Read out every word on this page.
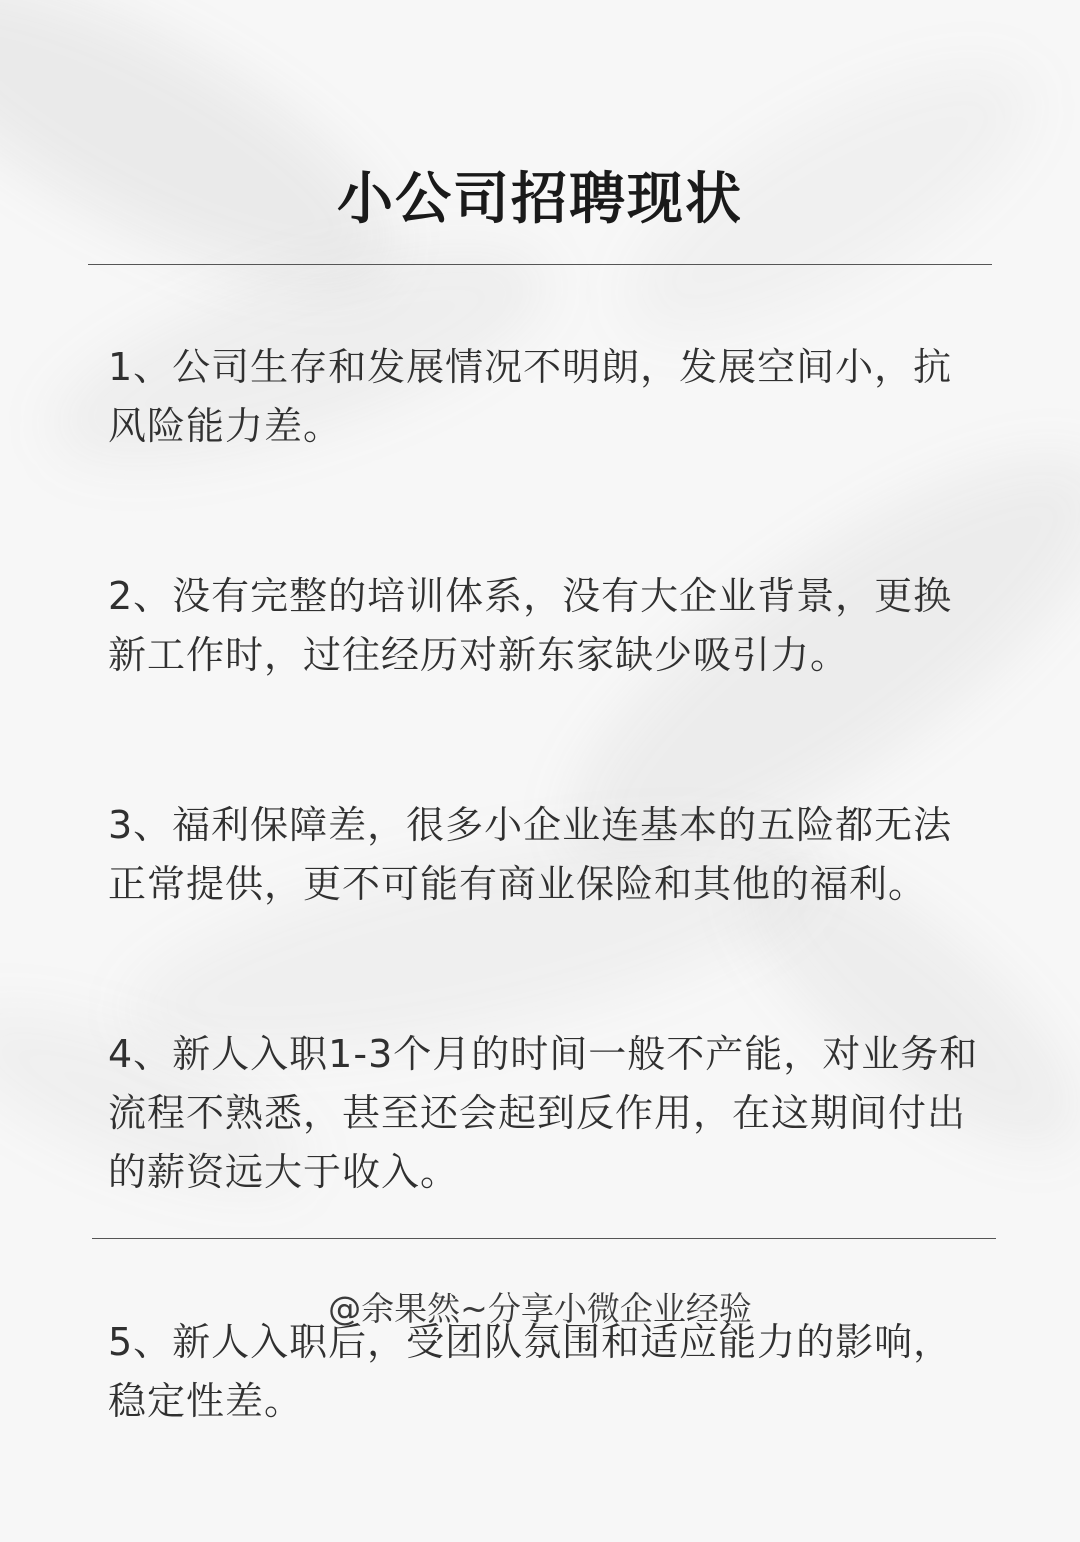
小公司招聘现状

1、公司生存和发展情况不明朗，发展空间小，抗风险能力差。

2、没有完整的培训体系，没有大企业背景，更换新工作时，过往经历对新东家缺少吸引力。

3、福利保障差，很多小企业连基本的五险都无法正常提供，更不可能有商业保险和其他的福利。

4、新人入职1-3个月的时间一般不产能，对业务和流程不熟悉，甚至还会起到反作用，在这期间付出的薪资远大于收入。

5、新人入职后，受团队氛围和适应能力的影响，稳定性差。

@余果然~分享小微企业经验
